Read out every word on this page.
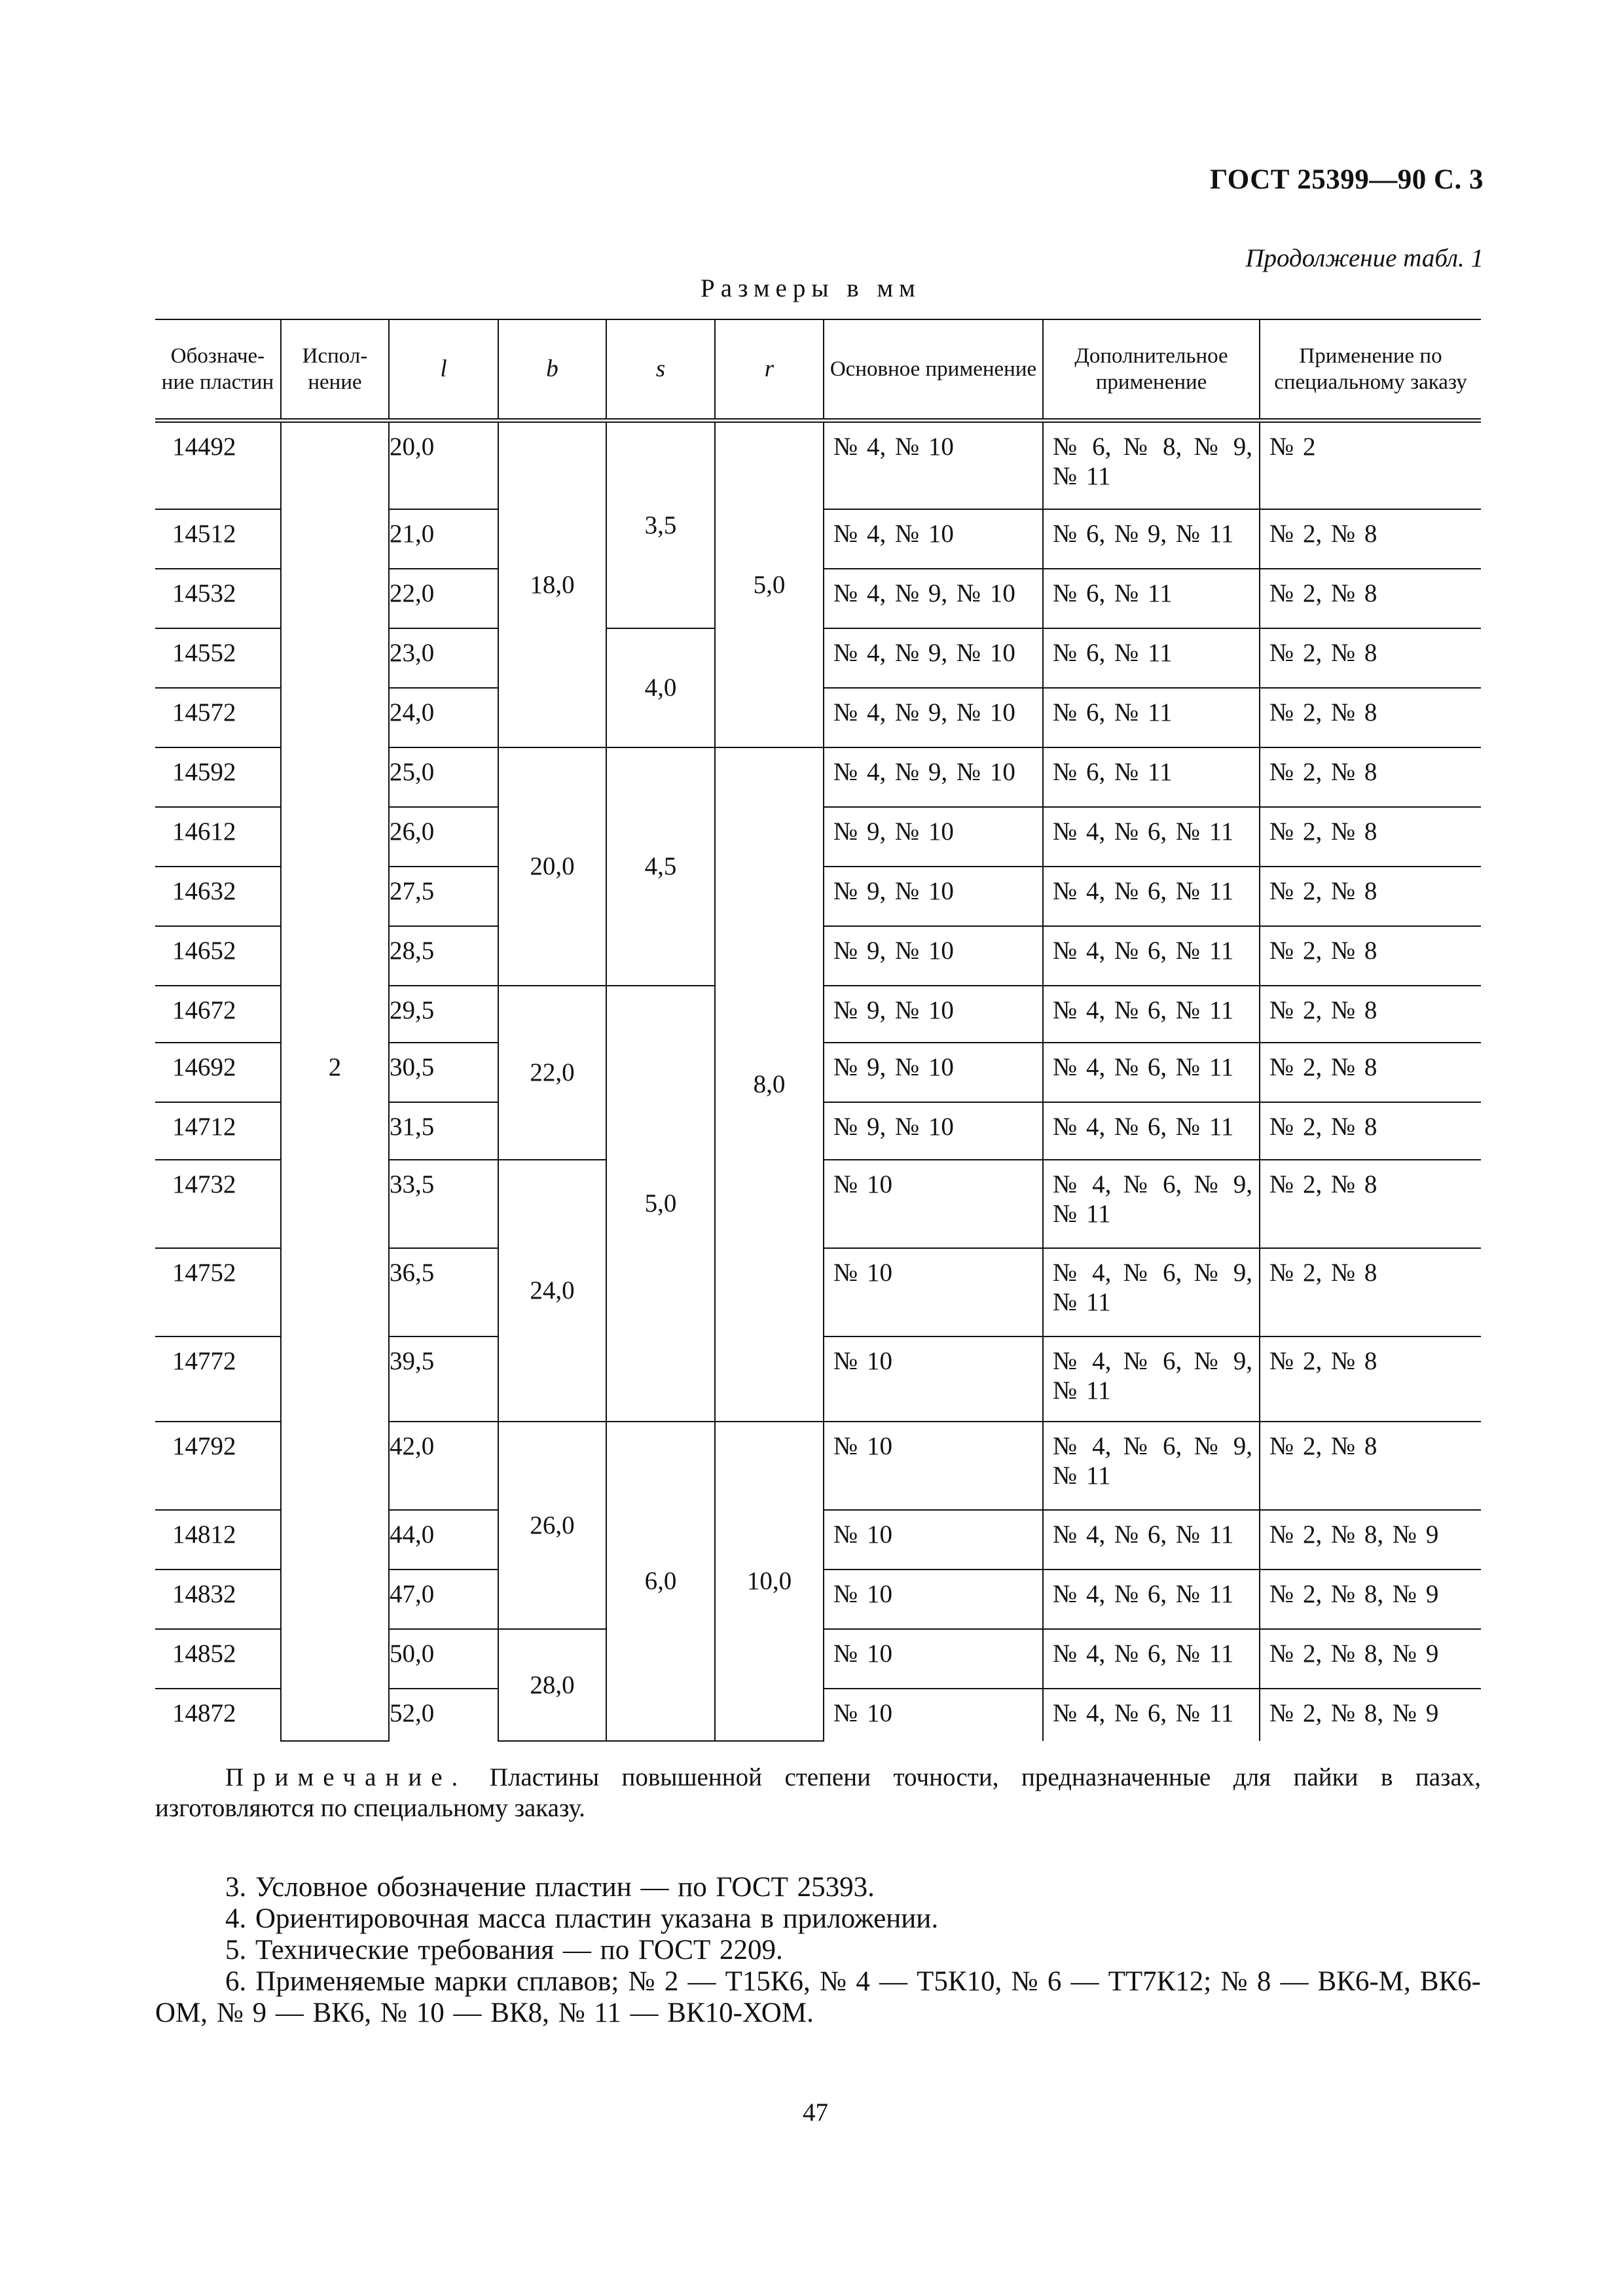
ГОСТ 25399—90 С. 3
Продолжение табл. 1
Размеры в мм
Обозначе-ние пластин	Испол-нение	l	b	s	r	Основное применение	Дополнительное применение	Применение по специальному заказу
14492	2	20,0	18,0	3,5	5,0	№ 4, № 10	№ 6, № 8, № 9, № 11	№ 2
14512		21,0				№ 4, № 10	№ 6, № 9, № 11	№ 2, № 8
14532		22,0				№ 4, № 9, № 10	№ 6, № 11	№ 2, № 8
14552		23,0		4,0		№ 4, № 9, № 10	№ 6, № 11	№ 2, № 8
14572		24,0				№ 4, № 9, № 10	№ 6, № 11	№ 2, № 8
14592		25,0	20,0	4,5	8,0	№ 4, № 9, № 10	№ 6, № 11	№ 2, № 8
14612		26,0				№ 9, № 10	№ 4, № 6, № 11	№ 2, № 8
14632		27,5				№ 9, № 10	№ 4, № 6, № 11	№ 2, № 8
14652		28,5				№ 9, № 10	№ 4, № 6, № 11	№ 2, № 8
14672		29,5	22,0	5,0		№ 9, № 10	№ 4, № 6, № 11	№ 2, № 8
14692		30,5				№ 9, № 10	№ 4, № 6, № 11	№ 2, № 8
14712		31,5				№ 9, № 10	№ 4, № 6, № 11	№ 2, № 8
14732		33,5	24,0			№ 10	№ 4, № 6, № 9, № 11	№ 2, № 8
14752		36,5				№ 10	№ 4, № 6, № 9, № 11	№ 2, № 8
14772		39,5				№ 10	№ 4, № 6, № 9, № 11	№ 2, № 8
14792		42,0	26,0	6,0	10,0	№ 10	№ 4, № 6, № 9, № 11	№ 2, № 8
14812		44,0				№ 10	№ 4, № 6, № 11	№ 2, № 8, № 9
14832		47,0				№ 10	№ 4, № 6, № 11	№ 2, № 8, № 9
14852		50,0	28,0			№ 10	№ 4, № 6, № 11	№ 2, № 8, № 9
14872		52,0				№ 10	№ 4, № 6, № 11	№ 2, № 8, № 9
Примечание. Пластины повышенной степени точности, предназначенные для пайки в пазах, изготовляются по специальному заказу.

3. Условное обозначение пластин — по ГОСТ 25393.

4. Ориентировочная масса пластин указана в приложении.

5. Технические требования — по ГОСТ 2209.

6. Применяемые марки сплавов; № 2 — Т15К6, № 4 — Т5К10, № 6 — ТТ7К12; № 8 — ВК6-М, ВК6-ОМ, № 9 — ВК6, № 10 — ВК8, № 11 — ВК10-ХОМ.

47
